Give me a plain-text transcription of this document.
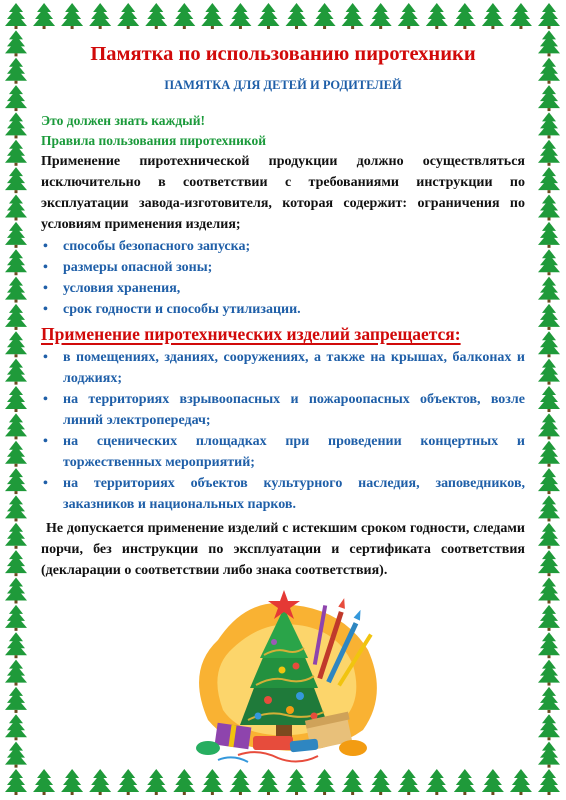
Памятка по использованию пиротехники
ПАМЯТКА ДЛЯ ДЕТЕЙ И РОДИТЕЛЕЙ
Это должен знать каждый!
Правила пользования пиротехникой

Применение пиротехнической продукции должно осуществляться исключительно в соответствии с требованиями инструкции по эксплуатации завода-изготовителя, которая содержит: ограничения по условиям применения изделия;

• способы безопасного запуска;
• размеры опасной зоны;
• условия хранения,
• срок годности и способы утилизации.
Применение пиротехнических изделий запрещается:
• в помещениях, зданиях, сооружениях, а также на крышах, балконах и лоджиях;
• на территориях взрывоопасных и пожароопасных объектов, возле линий электропередач;
• на сценических площадках при проведении концертных и торжественных мероприятий;
• на территориях объектов культурного наследия, заповедников, заказников и национальных парков.

Не допускается применение изделий с истекшим сроком годности, следами порчи, без инструкции по эксплуатации и сертификата соответствия (декларации о соответствии либо знака соответствия).
